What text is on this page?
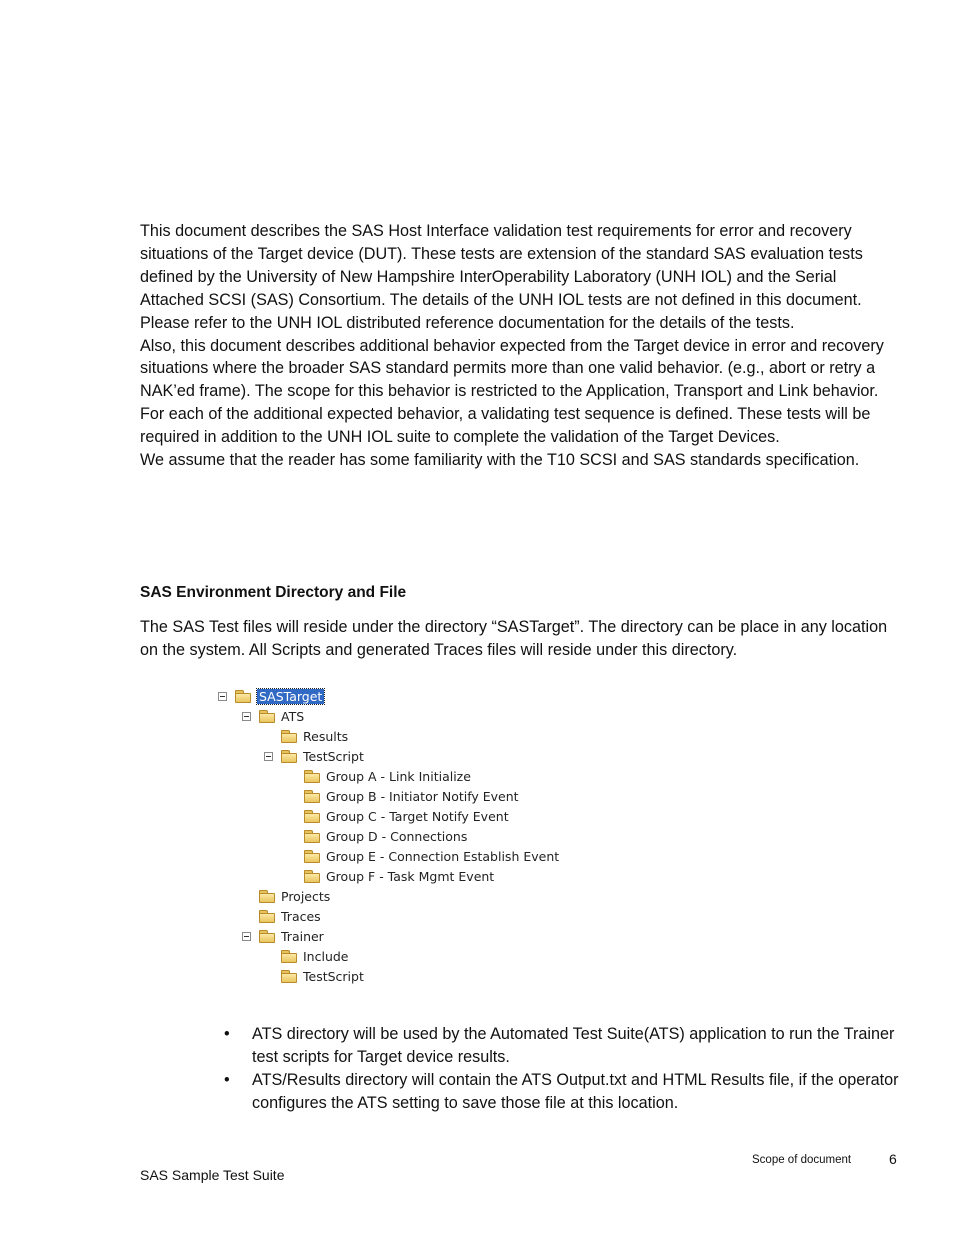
This document describes the SAS Host Interface validation test requirements for error and recovery situations of the Target device (DUT). These tests are extension of the standard SAS evaluation tests defined by the University of New Hampshire InterOperability Laboratory (UNH IOL) and the Serial Attached SCSI (SAS) Consortium. The details of the UNH IOL tests are not defined in this document. Please refer to the UNH IOL distributed reference documentation for the details of the tests.
Also, this document describes additional behavior expected from the Target device in error and recovery situations where the broader SAS standard permits more than one valid behavior. (e.g., abort or retry a NAK’ed frame). The scope for this behavior is restricted to the Application, Transport and Link behavior.
For each of the additional expected behavior, a validating test sequence is defined. These tests will be required in addition to the UNH IOL suite to complete the validation of the Target Devices.
We assume that the reader has some familiarity with the T10 SCSI and SAS standards specification.
SAS Environment Directory and File
The SAS Test files will reside under the directory “SASTarget”. The directory can be place in any location on the system. All Scripts and generated Traces files will reside under this directory.
SASTarget
ATS
Results
TestScript
Group A - Link Initialize
Group B - Initiator Notify Event
Group C - Target Notify Event
Group D - Connections
Group E - Connection Establish Event
Group F - Task Mgmt Event
Projects
Traces
Trainer
Include
TestScript
• ATS directory will be used by the Automated Test Suite(ATS) application to run the Trainer test scripts for Target device results.
• ATS/Results directory will contain the ATS Output.txt and HTML Results file, if the operator configures the ATS setting to save those file at this location.
Scope of document	6
SAS Sample Test Suite
